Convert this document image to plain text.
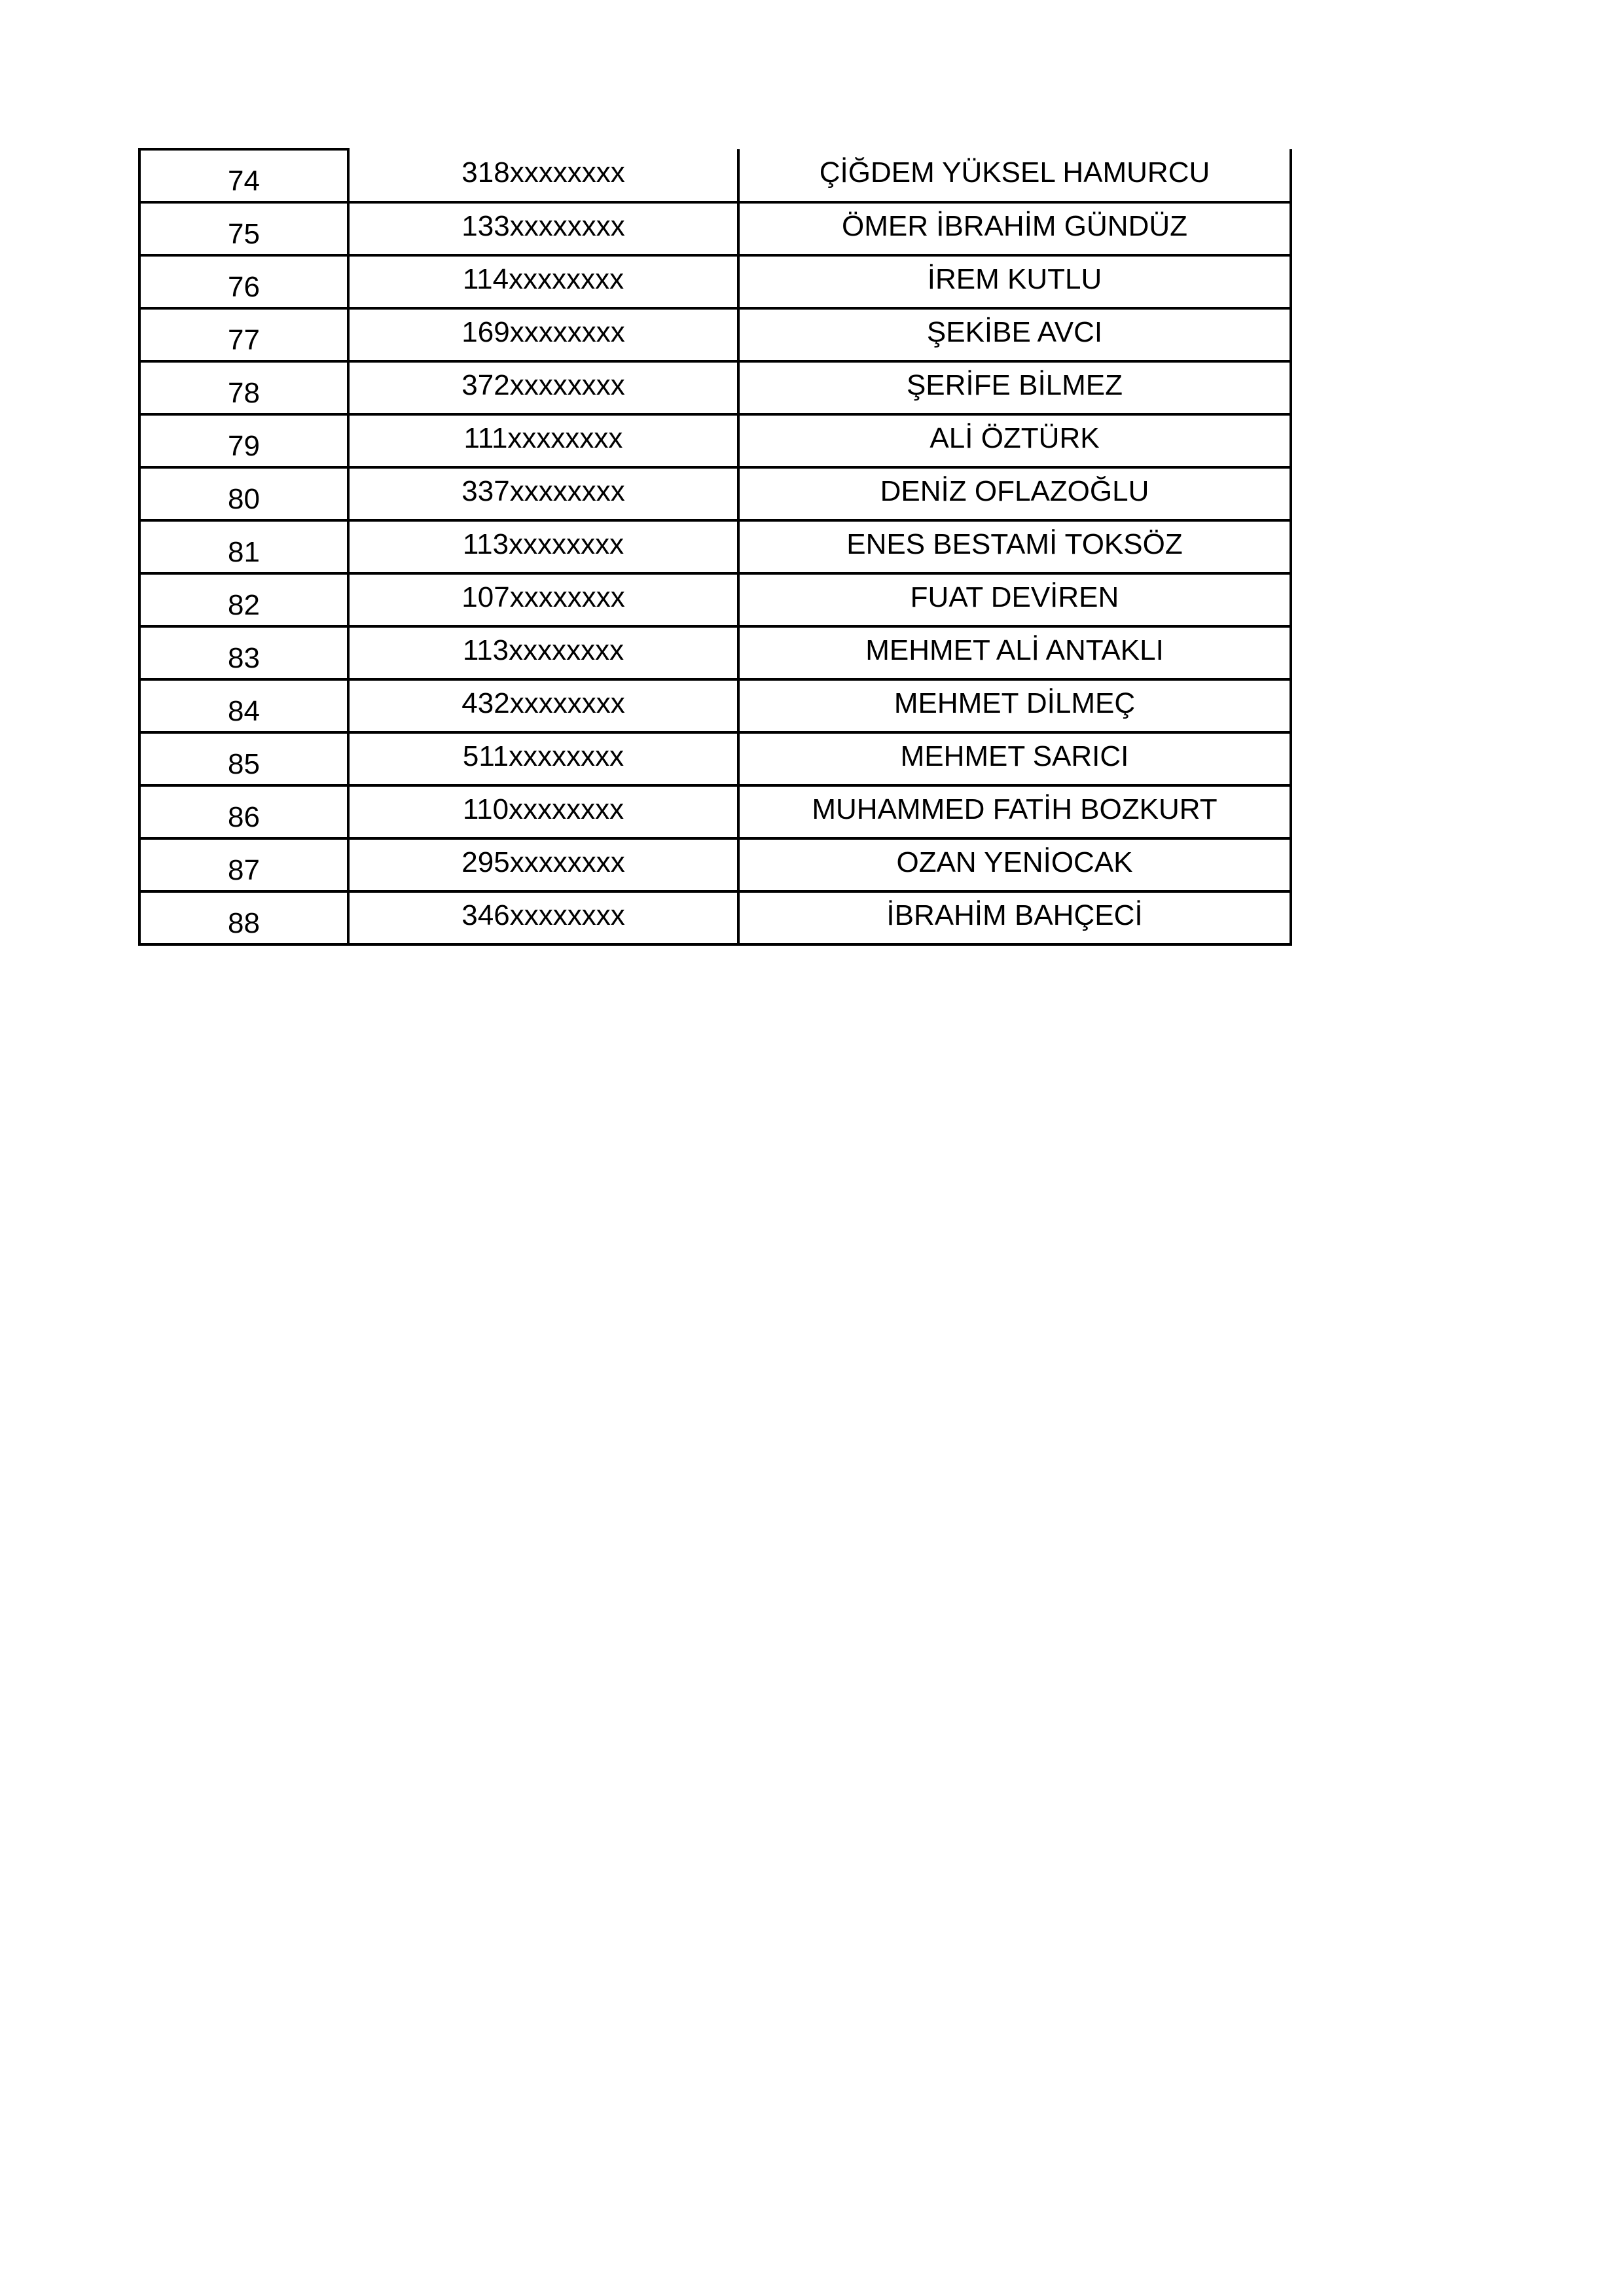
74	318xxxxxxxx	ÇİĞDEM YÜKSEL HAMURCU
75	133xxxxxxxx	ÖMER İBRAHİM GÜNDÜZ
76	114xxxxxxxx	İREM KUTLU
77	169xxxxxxxx	ŞEKİBE AVCI
78	372xxxxxxxx	ŞERİFE BİLMEZ
79	111xxxxxxxx	ALİ ÖZTÜRK
80	337xxxxxxxx	DENİZ OFLAZOĞLU
81	113xxxxxxxx	ENES BESTAMİ TOKSÖZ
82	107xxxxxxxx	FUAT DEVİREN
83	113xxxxxxxx	MEHMET ALİ ANTAKLI
84	432xxxxxxxx	MEHMET DİLMEÇ
85	511xxxxxxxx	MEHMET SARICI
86	110xxxxxxxx	MUHAMMED FATİH BOZKURT
87	295xxxxxxxx	OZAN YENİOCAK
88	346xxxxxxxx	İBRAHİM BAHÇECİ
